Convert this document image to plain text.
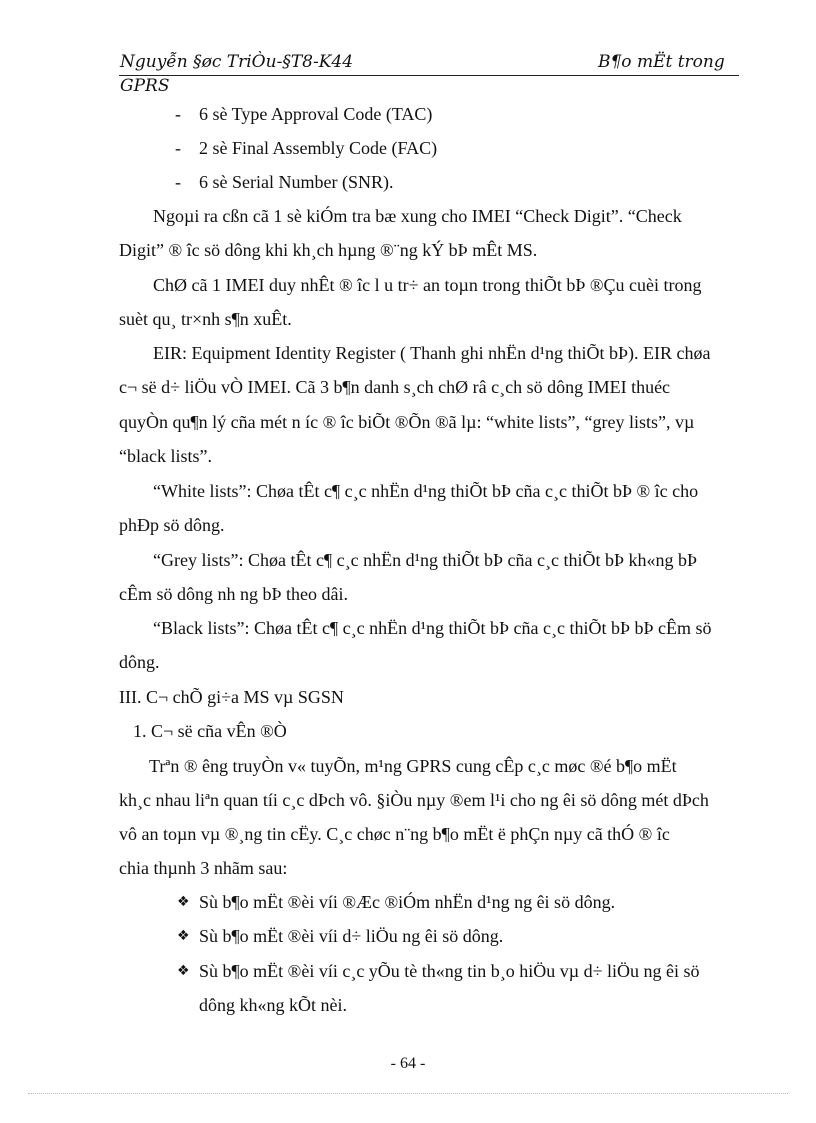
Nguyễn §øc TriÒu-§T8-K44	B¶o mËt trong
GPRS
- 6 sè Type Approval Code (TAC)
- 2 sè Final Assembly Code (FAC)
- 6 sè Serial Number (SNR).
Ngoµi ra cßn cã 1 sè kiÓm tra bæ xung cho IMEI “Check Digit”. “Check
Digit” ® îc sö dông khi kh¸ch hµng ®¨ng kÝ bÞ mÊt MS.
ChØ cã 1 IMEI duy nhÊt ® îc l u tr÷ an toµn trong thiÕt bÞ ®Çu cuèi trong
suèt qu¸ tr×nh s¶n xuÊt.
EIR: Equipment Identity Register ( Thanh ghi nhËn d¹ng thiÕt bÞ). EIR chøa
c¬ së d÷ liÖu vÒ IMEI. Cã 3 b¶n danh s¸ch chØ râ c¸ch sö dông IMEI thuéc
quyÒn qu¶n lý cña mét n íc ® îc biÕt ®Õn ®ã lµ: “white lists”, “grey lists”, vµ
“black lists”.
“White lists”: Chøa tÊt c¶ c¸c nhËn d¹ng thiÕt bÞ cña c¸c thiÕt bÞ ® îc cho
phÐp sö dông.
“Grey lists”: Chøa tÊt c¶ c¸c nhËn d¹ng thiÕt bÞ cña c¸c thiÕt bÞ kh«ng bÞ
cÊm sö dông nh ng bÞ theo dâi.
“Black lists”: Chøa tÊt c¶ c¸c nhËn d¹ng thiÕt bÞ cña c¸c thiÕt bÞ bÞ cÊm sö
dông.
III. C¬ chÕ gi÷a MS vµ SGSN
1. C¬ së cña vÊn ®Ò
Trªn ® êng truyÒn v« tuyÕn, m¹ng GPRS cung cÊp c¸c møc ®é b¶o mËt
kh¸c nhau liªn quan tíi c¸c dÞch vô. §iÒu nµy ®em l¹i cho ng êi sö dông mét dÞch
vô an toµn vµ ®¸ng tin cËy. C¸c chøc n¨ng b¶o mËt ë phÇn nµy cã thÓ ® îc
chia thµnh 3 nhãm sau:
❖ Sù b¶o mËt ®èi víi ®Æc ®iÓm nhËn d¹ng ng êi sö dông.
❖ Sù b¶o mËt ®èi víi d÷ liÖu ng êi sö dông.
❖ Sù b¶o mËt ®èi víi c¸c yÕu tè th«ng tin b¸o hiÖu vµ d÷ liÖu ng êi sö
dông kh«ng kÕt nèi.
- 64 -
